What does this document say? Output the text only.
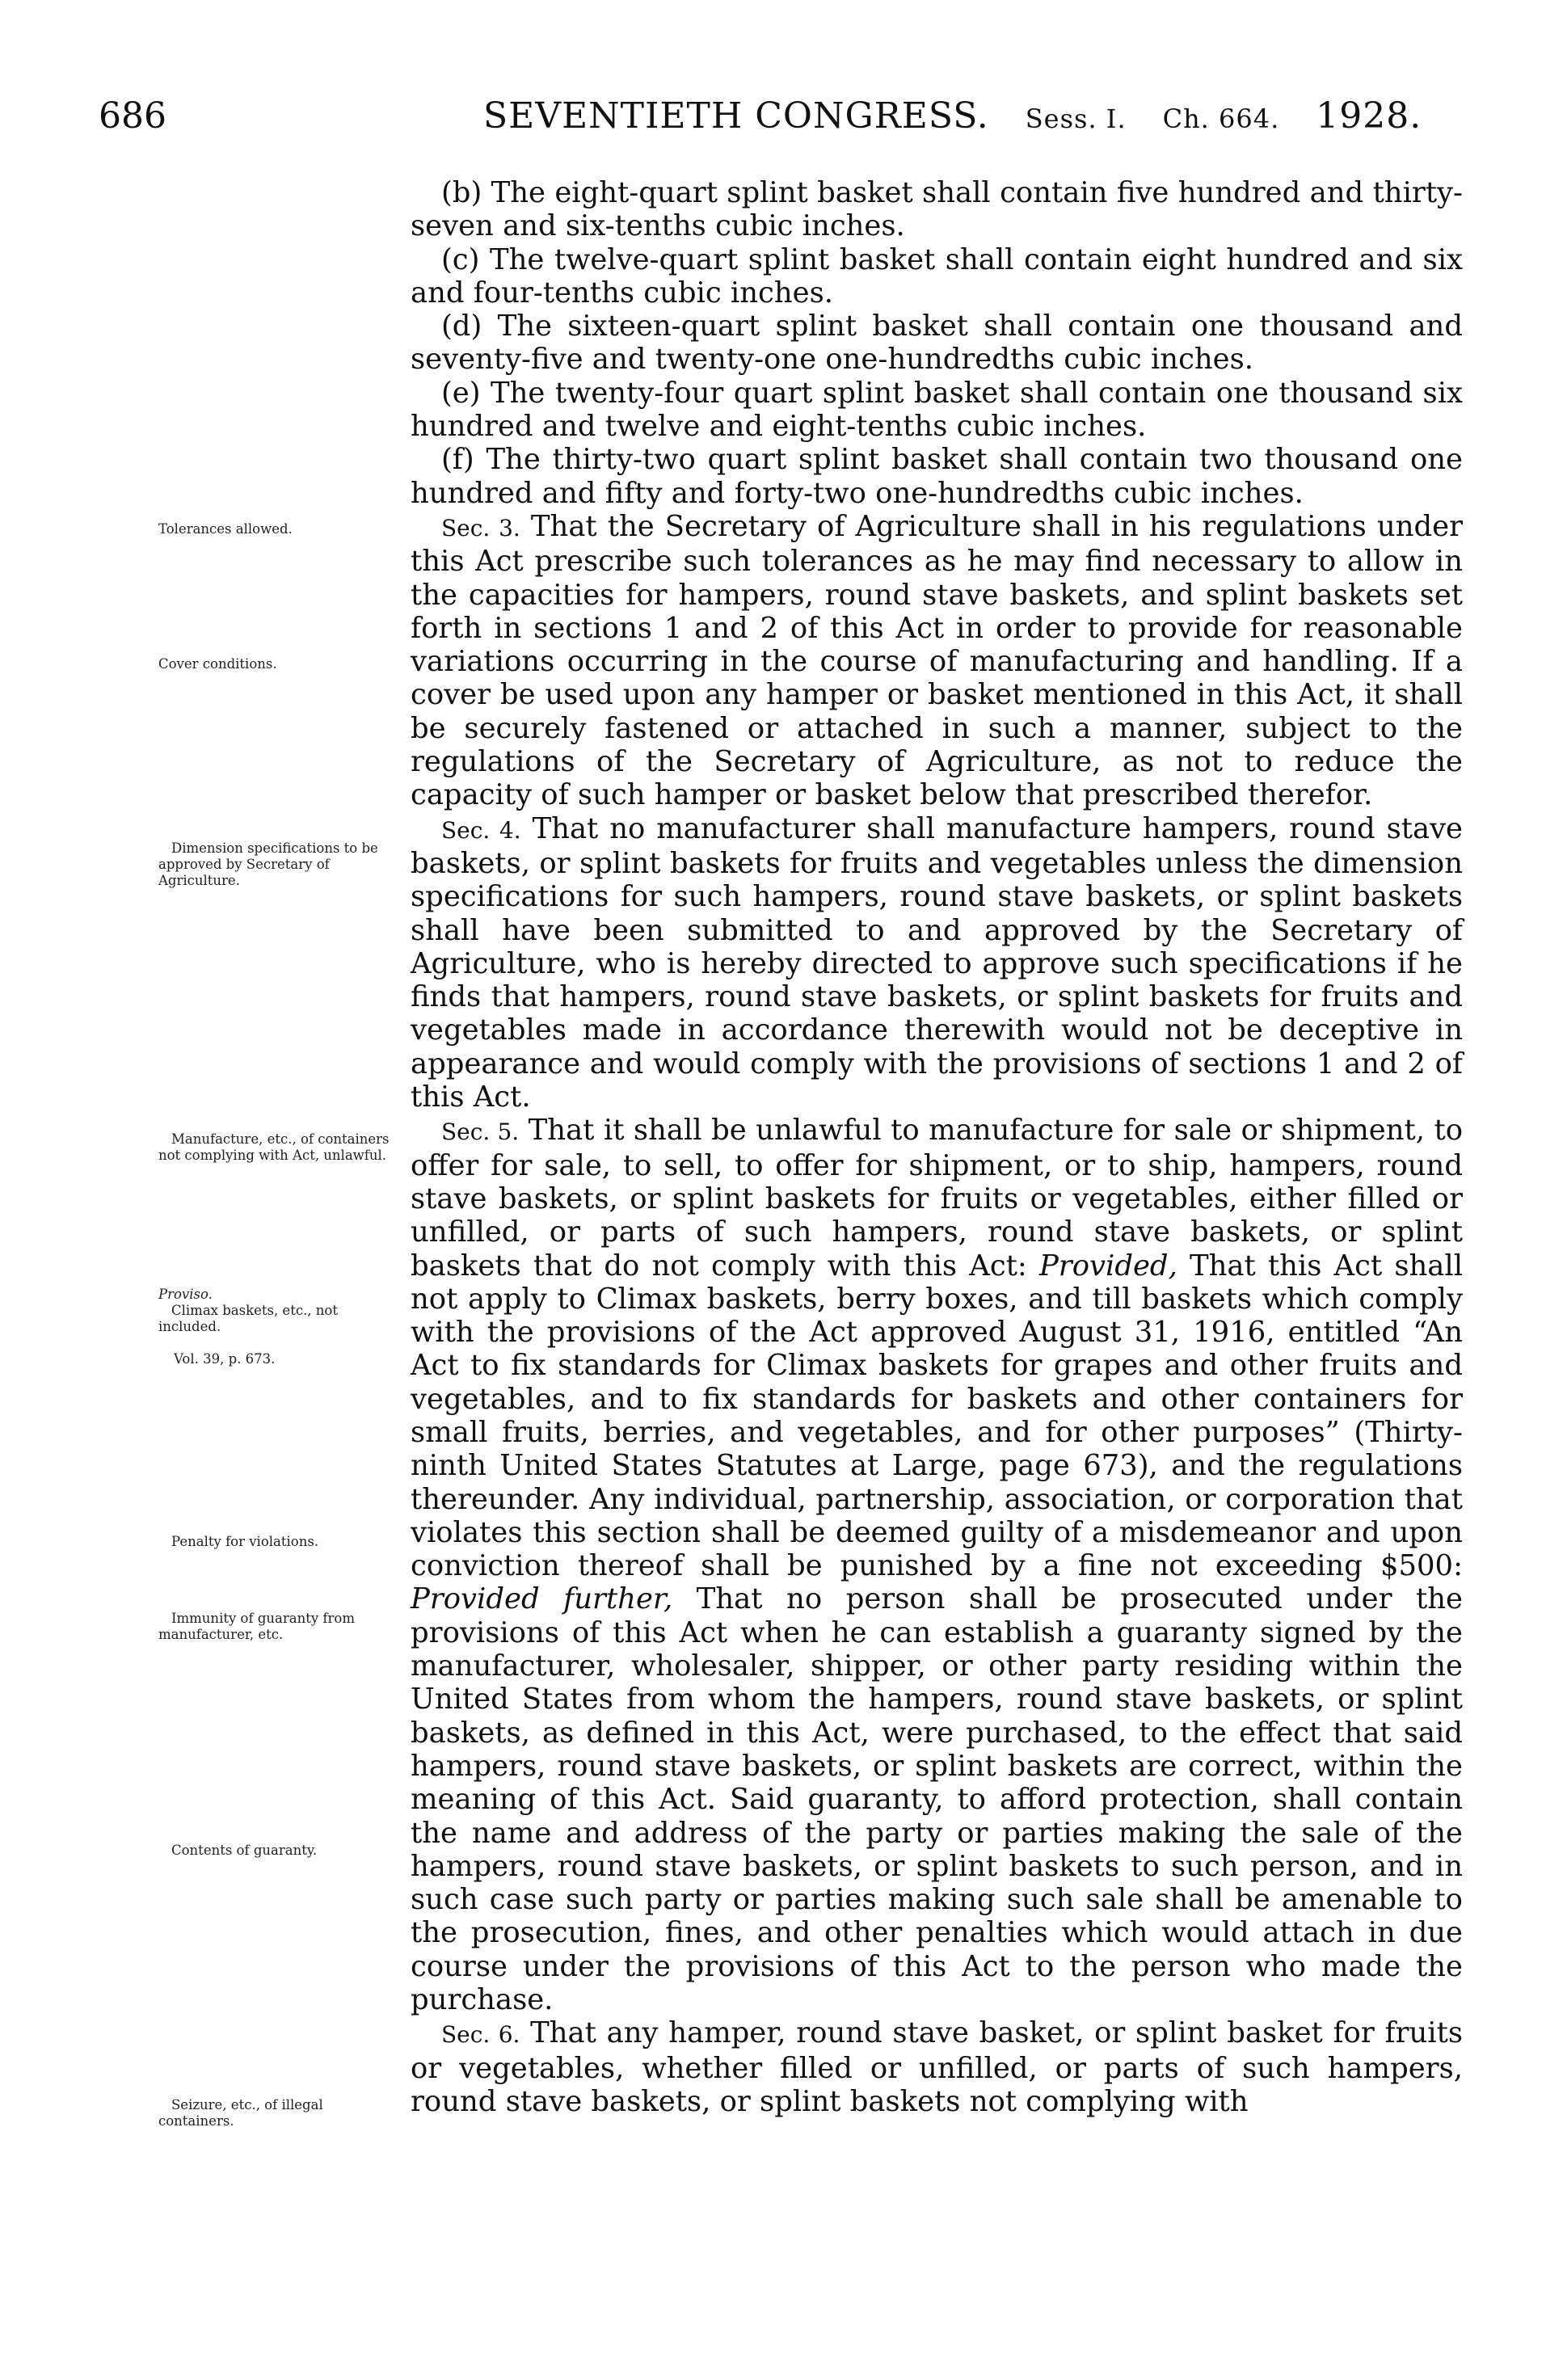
686	SEVENTIETH CONGRESS. Sess. I. Ch. 664. 1928.

(b) The eight-quart splint basket shall contain five hundred and thirty-seven and six-tenths cubic inches.

(c) The twelve-quart splint basket shall contain eight hundred and six and four-tenths cubic inches.

(d) The sixteen-quart splint basket shall contain one thousand and seventy-five and twenty-one one-hundredths cubic inches.

(e) The twenty-four quart splint basket shall contain one thousand six hundred and twelve and eight-tenths cubic inches.

(f) The thirty-two quart splint basket shall contain two thousand one hundred and fifty and forty-two one-hundredths cubic inches.

Sec. 3. That the Secretary of Agriculture shall in his regulations under this Act prescribe such tolerances as he may find necessary to allow in the capacities for hampers, round stave baskets, and splint baskets set forth in sections 1 and 2 of this Act in order to provide for reasonable variations occurring in the course of manufacturing and handling. If a cover be used upon any hamper or basket mentioned in this Act, it shall be securely fastened or attached in such a manner, subject to the regulations of the Secretary of Agriculture, as not to reduce the capacity of such hamper or basket below that prescribed therefor.

Sec. 4. That no manufacturer shall manufacture hampers, round stave baskets, or splint baskets for fruits and vegetables unless the dimension specifications for such hampers, round stave baskets, or splint baskets shall have been submitted to and approved by the Secretary of Agriculture, who is hereby directed to approve such specifications if he finds that hampers, round stave baskets, or splint baskets for fruits and vegetables made in accordance therewith would not be deceptive in appearance and would comply with the provisions of sections 1 and 2 of this Act.

Sec. 5. That it shall be unlawful to manufacture for sale or shipment, to offer for sale, to sell, to offer for shipment, or to ship, hampers, round stave baskets, or splint baskets for fruits or vegetables, either filled or unfilled, or parts of such hampers, round stave baskets, or splint baskets that do not comply with this Act: Provided, That this Act shall not apply to Climax baskets, berry boxes, and till baskets which comply with the provisions of the Act approved August 31, 1916, entitled “An Act to fix standards for Climax baskets for grapes and other fruits and vegetables, and to fix standards for baskets and other containers for small fruits, berries, and vegetables, and for other purposes” (Thirty-ninth United States Statutes at Large, page 673), and the regulations thereunder. Any individual, partnership, association, or corporation that violates this section shall be deemed guilty of a misdemeanor and upon conviction thereof shall be punished by a fine not exceeding $500: Provided further, That no person shall be prosecuted under the provisions of this Act when he can establish a guaranty signed by the manufacturer, wholesaler, shipper, or other party residing within the United States from whom the hampers, round stave baskets, or splint baskets, as defined in this Act, were purchased, to the effect that said hampers, round stave baskets, or splint baskets are correct, within the meaning of this Act. Said guaranty, to afford protection, shall contain the name and address of the party or parties making the sale of the hampers, round stave baskets, or splint baskets to such person, and in such case such party or parties making such sale shall be amenable to the prosecution, fines, and other penalties which would attach in due course under the provisions of this Act to the person who made the purchase.

Sec. 6. That any hamper, round stave basket, or splint basket for fruits or vegetables, whether filled or unfilled, or parts of such hampers, round stave baskets, or splint baskets not complying with

Tolerances allowed.
Cover conditions.
Dimension specifications to be approved by Secretary of Agriculture.
Manufacture, etc., of containers not complying with Act, unlawful.
Proviso.
Climax baskets, etc., not included.
Vol. 39, p. 673.
Penalty for violations.
Immunity of guaranty from manufacturer, etc.
Contents of guaranty.
Seizure, etc., of illegal containers.
